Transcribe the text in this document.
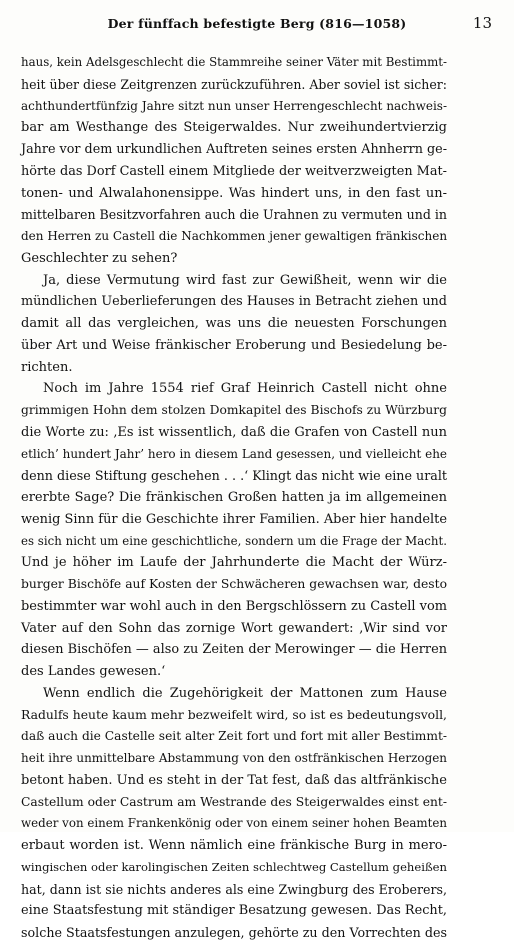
Der fünffach befestigte Berg (816—1058)	13
haus, kein Adelsgeschlecht die Stammreihe seiner Väter mit Bestimmt-
heit über diese Zeitgrenzen zurückzuführen. Aber soviel ist sicher:
achthundertfünfzig Jahre sitzt nun unser Herrengeschlecht nachweis-
bar am Westhange des Steigerwaldes. Nur zweihundertvierzig
Jahre vor dem urkundlichen Auftreten seines ersten Ahnherrn ge-
hörte das Dorf Castell einem Mitgliede der weitverzweigten Mat-
tonen- und Alwalahonensippe. Was hindert uns, in den fast un-
mittelbaren Besitzvorfahren auch die Urahnen zu vermuten und in
den Herren zu Castell die Nachkommen jener gewaltigen fränkischen
Geschlechter zu sehen?
Ja, diese Vermutung wird fast zur Gewißheit, wenn wir die
mündlichen Ueberlieferungen des Hauses in Betracht ziehen und
damit all das vergleichen, was uns die neuesten Forschungen
über Art und Weise fränkischer Eroberung und Besiedelung be-
richten.
Noch im Jahre 1554 rief Graf Heinrich Castell nicht ohne
grimmigen Hohn dem stolzen Domkapitel des Bischofs zu Würzburg
die Worte zu: ‚Es ist wissentlich, daß die Grafen von Castell nun
etlich’ hundert Jahr’ hero in diesem Land gesessen, und vielleicht ehe
denn diese Stiftung geschehen . . .‘ Klingt das nicht wie eine uralt
ererbte Sage? Die fränkischen Großen hatten ja im allgemeinen
wenig Sinn für die Geschichte ihrer Familien. Aber hier handelte
es sich nicht um eine geschichtliche, sondern um die Frage der Macht.
Und je höher im Laufe der Jahrhunderte die Macht der Würz-
burger Bischöfe auf Kosten der Schwächeren gewachsen war, desto
bestimmter war wohl auch in den Bergschlössern zu Castell vom
Vater auf den Sohn das zornige Wort gewandert: ‚Wir sind vor
diesen Bischöfen — also zu Zeiten der Merowinger — die Herren
des Landes gewesen.‘
Wenn endlich die Zugehörigkeit der Mattonen zum Hause
Radulfs heute kaum mehr bezweifelt wird, so ist es bedeutungsvoll,
daß auch die Castelle seit alter Zeit fort und fort mit aller Bestimmt-
heit ihre unmittelbare Abstammung von den ostfränkischen Herzogen
betont haben. Und es steht in der Tat fest, daß das altfränkische
Castellum oder Castrum am Westrande des Steigerwaldes einst ent-
weder von einem Frankenkönig oder von einem seiner hohen Beamten
erbaut worden ist. Wenn nämlich eine fränkische Burg in mero-
wingischen oder karolingischen Zeiten schlechtweg Castellum geheißen
hat, dann ist sie nichts anderes als eine Zwingburg des Eroberers,
eine Staatsfestung mit ständiger Besatzung gewesen. Das Recht,
solche Staatsfestungen anzulegen, gehörte zu den Vorrechten des
